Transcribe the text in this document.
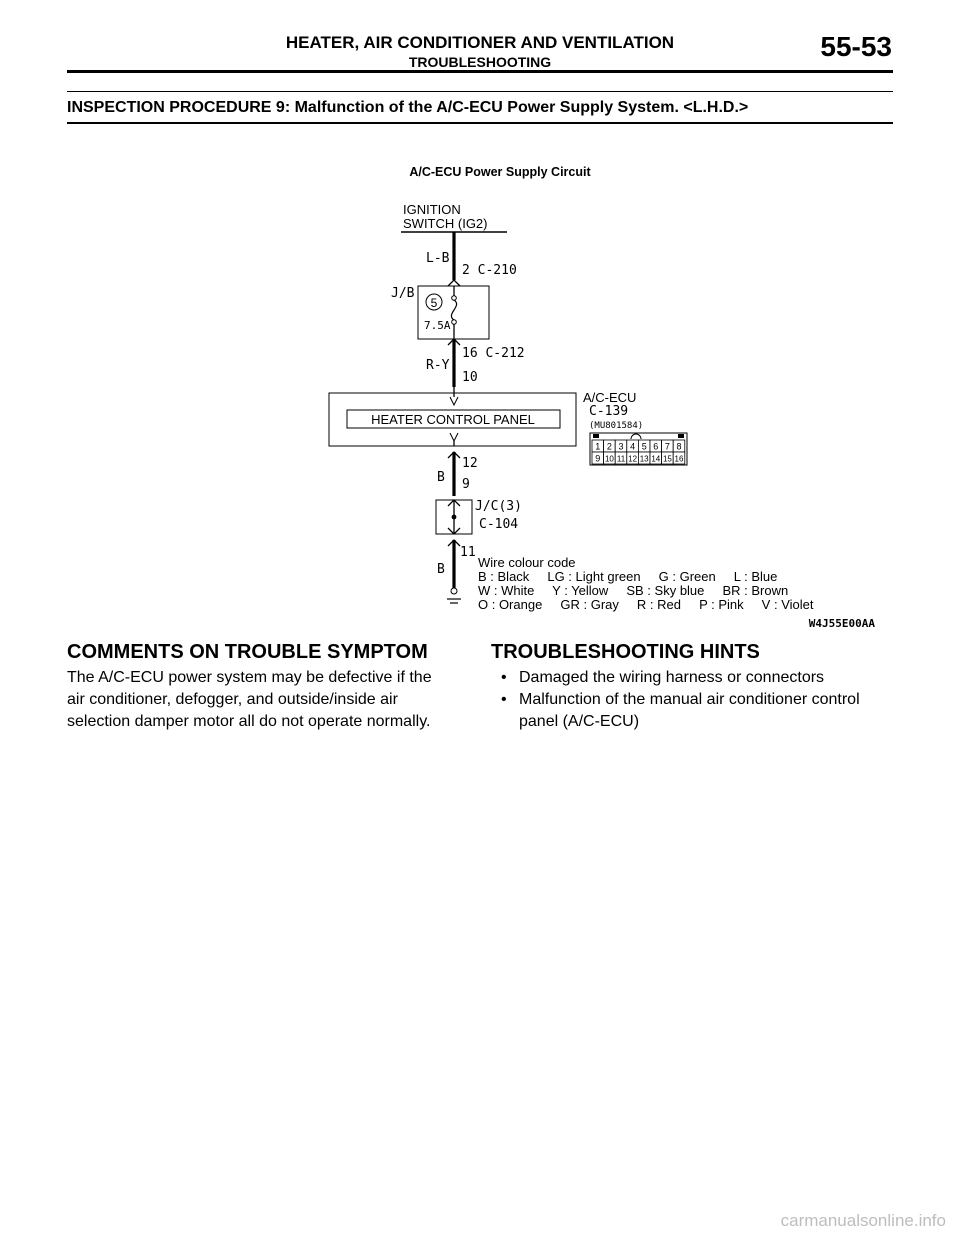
HEATER, AIR CONDITIONER AND VENTILATION
TROUBLESHOOTING	55-53
INSPECTION PROCEDURE 9: Malfunction of the A/C-ECU Power Supply System. <L.H.D.>
A/C-ECU Power Supply Circuit
IGNITION
SWITCH (IG2)
L-B
2 C-210
J/B
5
7.5A
R-Y
16 C-212
10
HEATER CONTROL PANEL
A/C-ECU
C-139
(MU801584)
1 2 3 4 5 6 7 8
9 10 11 12 13 14 15 16
12
B 9
J/C(3)
C-104
11
B	Wire colour code
B : Black     LG : Light green     G : Green     L : Blue
W : White     Y : Yellow     SB : Sky blue     BR : Brown
O : Orange     GR : Gray     R : Red     P : Pink     V : Violet
W4J55E00AA
COMMENTS ON TROUBLE SYMPTOM
The A/C-ECU power system may be defective if the
air conditioner, defogger, and outside/inside air
selection damper motor all do not operate normally.
TROUBLESHOOTING HINTS
• Damaged the wiring harness or connectors
• Malfunction of the manual air conditioner control
panel (A/C-ECU)
carmanualsonline.info
